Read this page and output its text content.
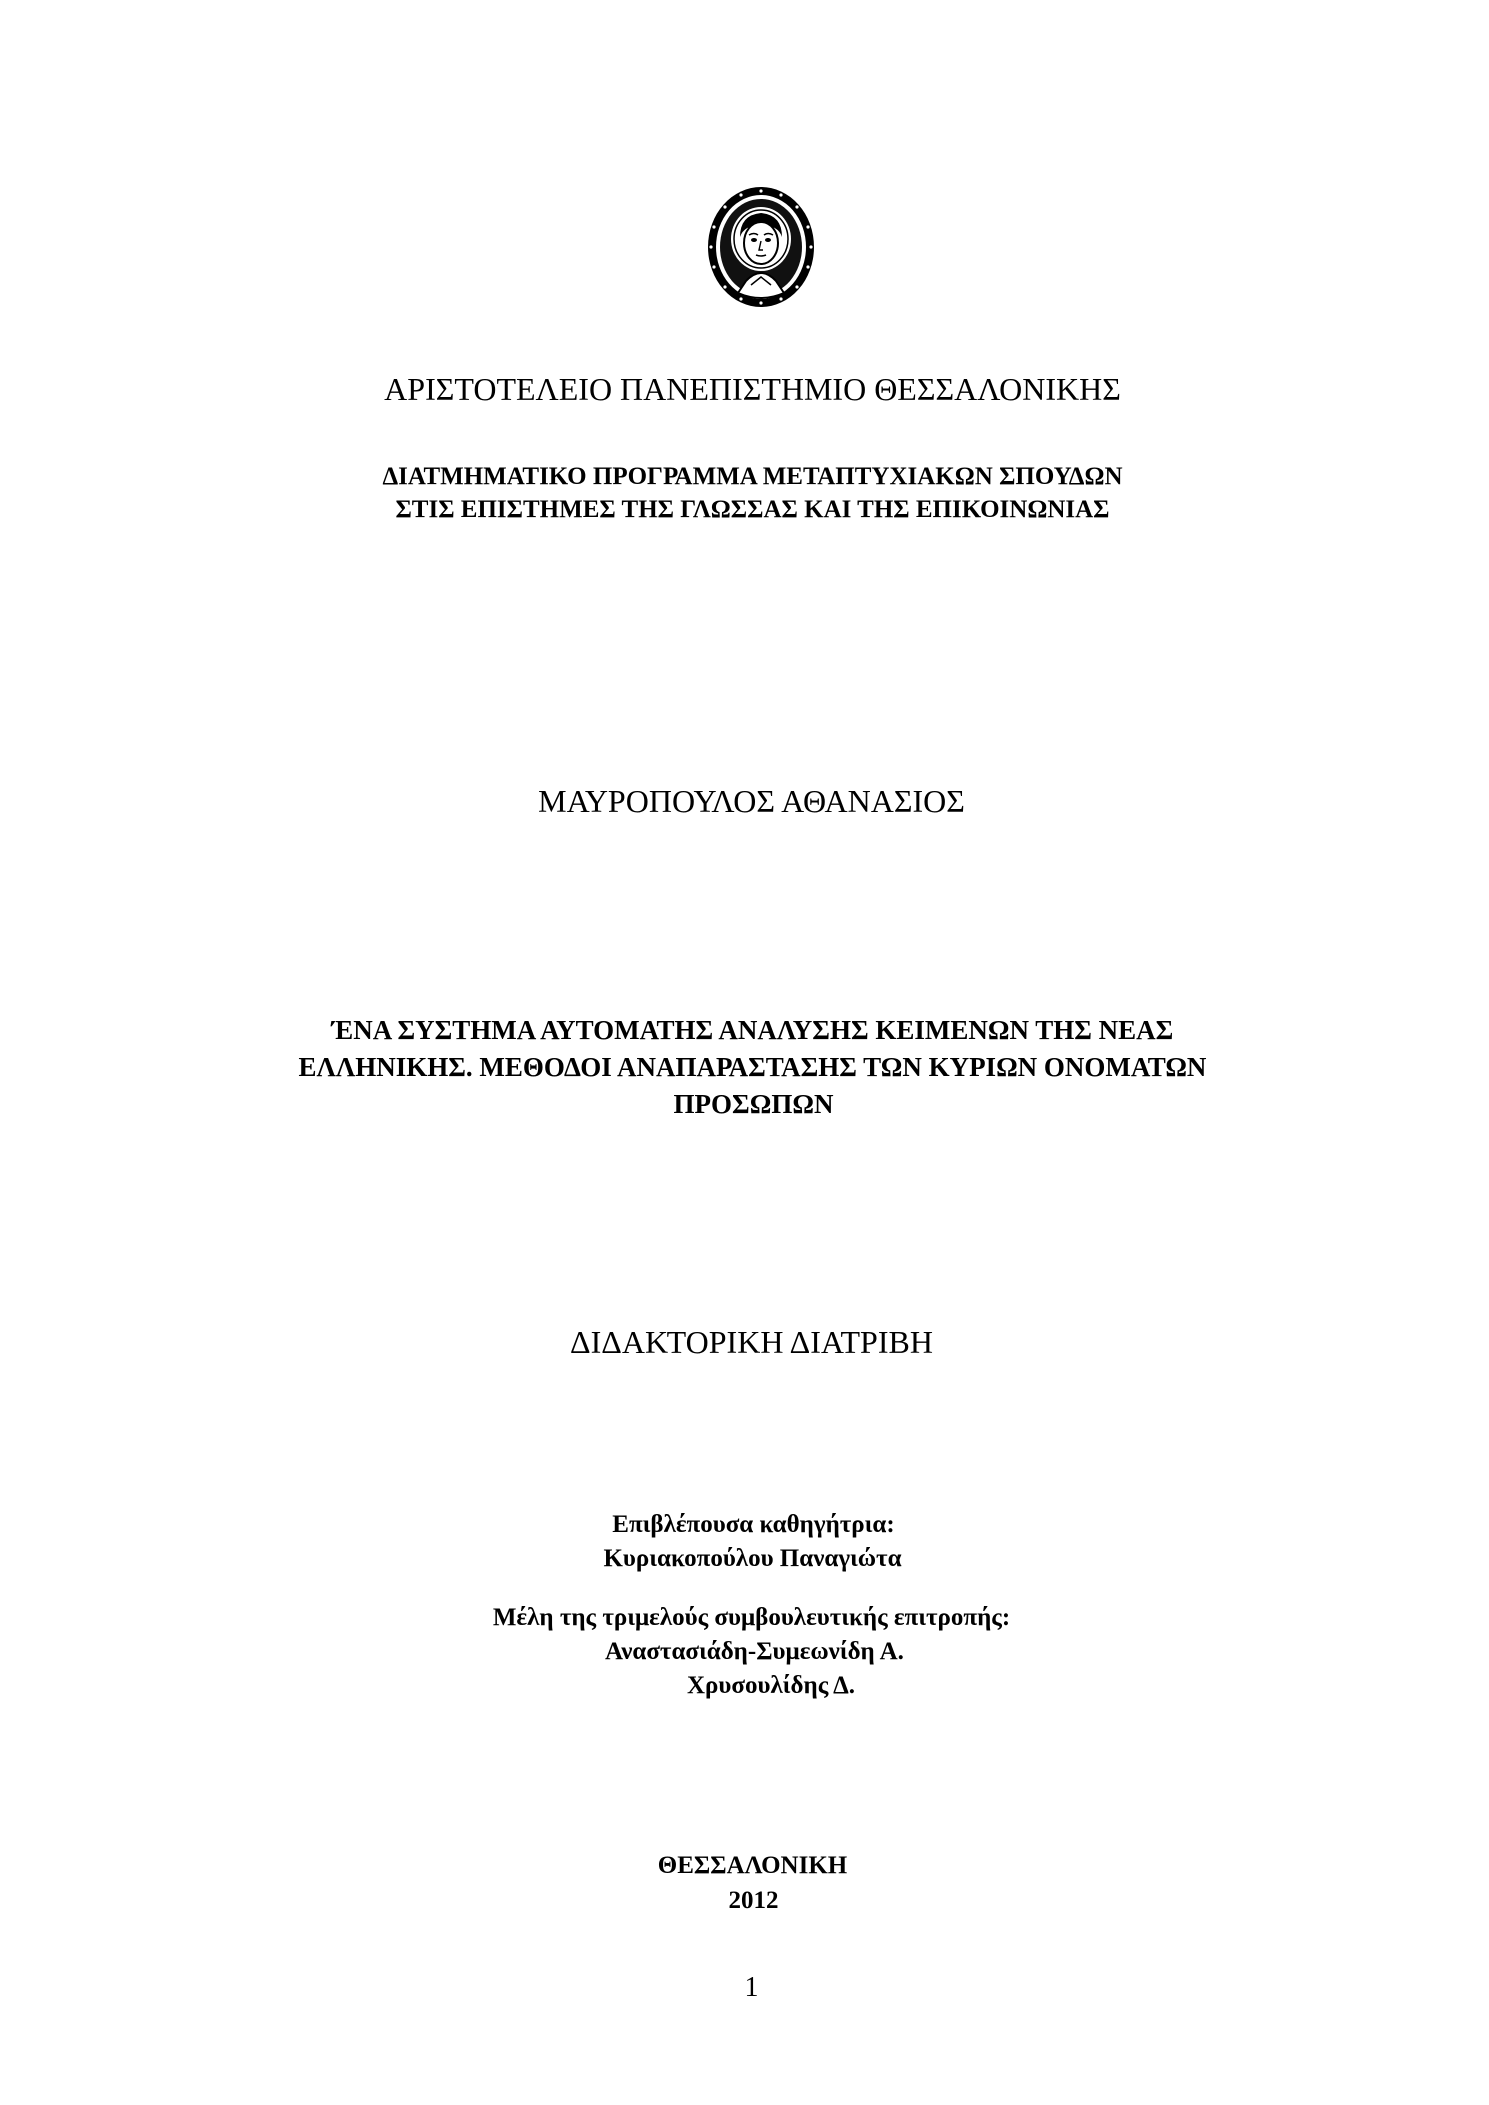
ΑΡΙΣΤΟΤΕΛΕΙΟ ΠΑΝΕΠΙΣΤΗΜΙΟ ΘΕΣΣΑΛΟΝΙΚΗΣ
ΔΙΑΤΜΗΜΑΤΙΚΟ ΠΡΟΓΡΑΜΜΑ ΜΕΤΑΠΤΥΧΙΑΚΩΝ ΣΠΟΥΔΩΝ
ΣΤΙΣ ΕΠΙΣΤΗΜΕΣ ΤΗΣ ΓΛΩΣΣΑΣ ΚΑΙ ΤΗΣ ΕΠΙΚΟΙΝΩΝΙΑΣ
ΜΑΥΡΟΠΟΥΛΟΣ ΑΘΑΝΑΣΙΟΣ
ΈΝΑ ΣΥΣΤΗΜΑ ΑΥΤΟΜΑΤΗΣ ΑΝΑΛΥΣΗΣ ΚΕΙΜΕΝΩΝ ΤΗΣ ΝΕΑΣ
ΕΛΛΗΝΙΚΗΣ. ΜΕΘΟΔΟΙ ΑΝΑΠΑΡΑΣΤΑΣΗΣ ΤΩΝ ΚΥΡΙΩΝ ΟΝΟΜΑΤΩΝ
ΠΡΟΣΩΠΩΝ
ΔΙΔΑΚΤΟΡΙΚΗ ΔΙΑΤΡΙΒΗ
Επιβλέπουσα καθηγήτρια:
Κυριακοπούλου Παναγιώτα
Μέλη της τριμελούς συμβουλευτικής επιτροπής:
Αναστασιάδη-Συμεωνίδη Α.
Χρυσουλίδης Δ.
ΘΕΣΣΑΛΟΝΙΚΗ
2012
1
